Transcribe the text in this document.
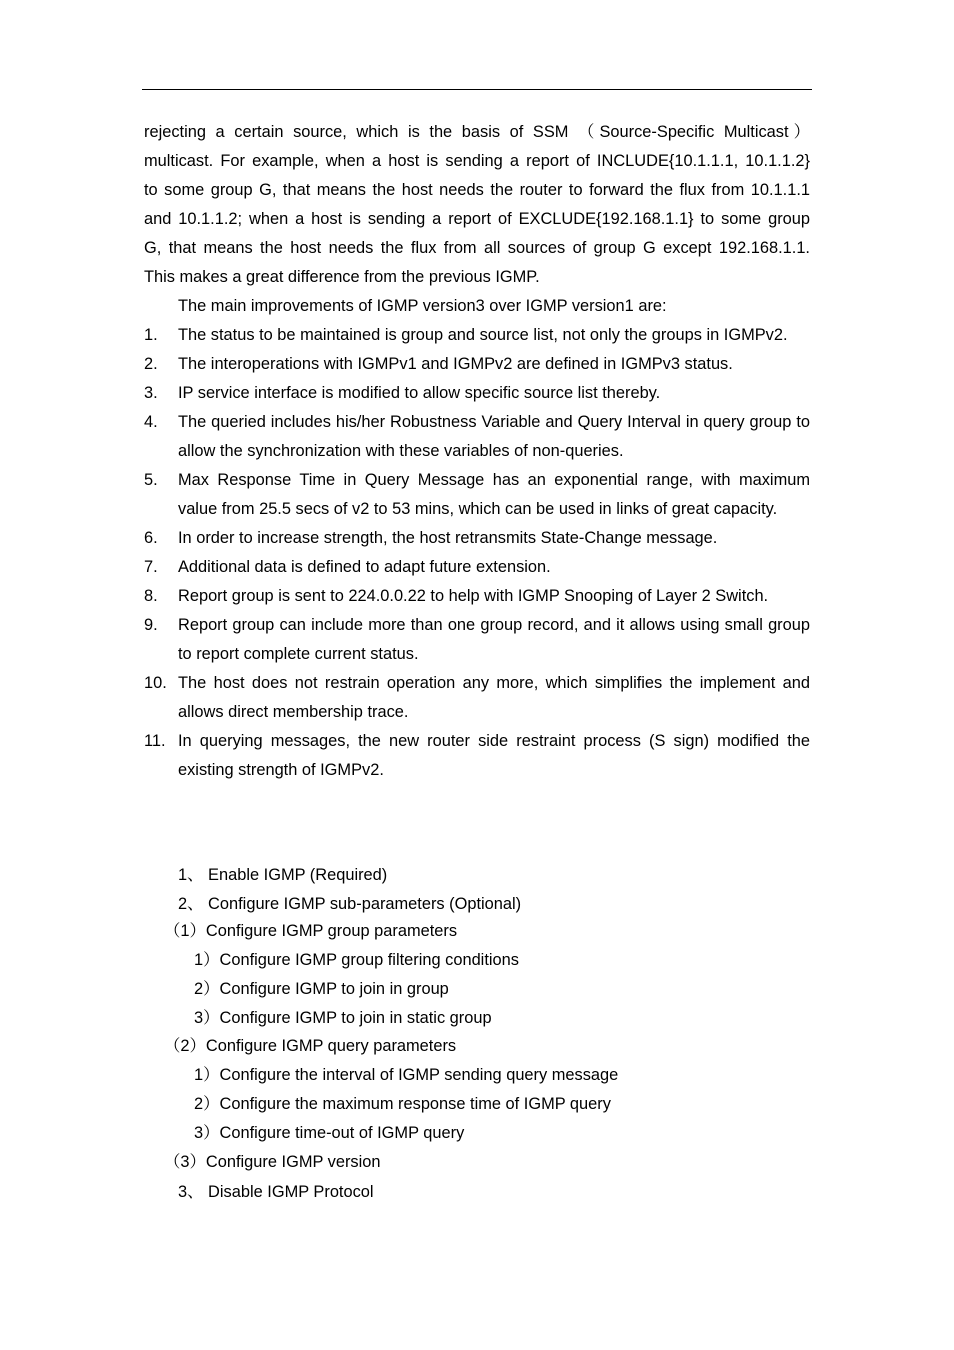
rejecting a certain source, which is the basis of SSM （Source-Specific Multicast）

multicast. For example, when a host is sending a report of INCLUDE{10.1.1.1, 10.1.1.2}

to some group G, that means the host needs the router to forward the flux from 10.1.1.1

and 10.1.1.2; when a host is sending a report of EXCLUDE{192.168.1.1} to some group

G, that means the host needs the flux from all sources of group G except 192.168.1.1.

This makes a great difference from the previous IGMP.

The main improvements of IGMP version3 over IGMP version1 are:

1. The status to be maintained is group and source list, not only the groups in IGMPv2.
2. The interoperations with IGMPv1 and IGMPv2 are defined in IGMPv3 status.
3. IP service interface is modified to allow specific source list thereby.
4. The queried includes his/her Robustness Variable and Query Interval in query group to allow the synchronization with these variables of non-queries.
5. Max Response Time in Query Message has an exponential range, with maximum value from 25.5 secs of v2 to 53 mins, which can be used in links of great capacity.
6. In order to increase strength, the host retransmits State-Change message.
7. Additional data is defined to adapt future extension.
8. Report group is sent to 224.0.0.22 to help with IGMP Snooping of Layer 2 Switch.
9. Report group can include more than one group record, and it allows using small group to report complete current status.
10. The host does not restrain operation any more, which simplifies the implement and allows direct membership trace.
11. In querying messages, the new router side restraint process (S sign) modified the existing strength of IGMPv2.
1、 Enable IGMP (Required)
2、 Configure IGMP sub-parameters (Optional)
（1）Configure IGMP group parameters
1）Configure IGMP group filtering conditions
2）Configure IGMP to join in group
3）Configure IGMP to join in static group
（2）Configure IGMP query parameters
1）Configure the interval of IGMP sending query message
2）Configure the maximum response time of IGMP query
3）Configure time-out of IGMP query
（3）Configure IGMP version
3、 Disable IGMP Protocol
